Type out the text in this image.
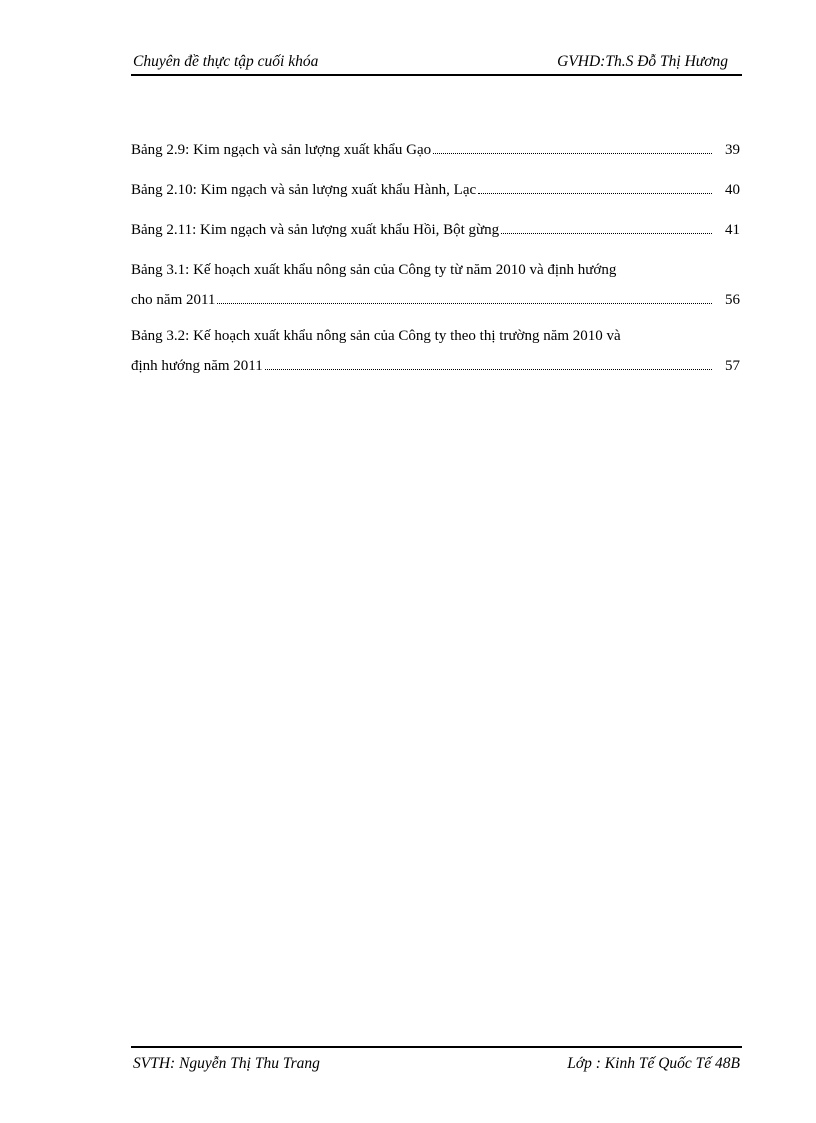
Chuyên đề thực tập cuối khóa	GVHD:Th.S Đỗ Thị Hương
Bảng 2.9: Kim ngạch và sản lượng xuất khẩu Gạo	39
Bảng 2.10: Kim ngạch và sản lượng xuất khẩu Hành, Lạc	40
Bảng 2.11: Kim ngạch và sản lượng xuất khẩu Hồi, Bột gừng	41
Bảng 3.1: Kế hoạch xuất khẩu nông sản của Công ty từ năm 2010 và định hướng
cho năm 2011	56
Bảng 3.2: Kế hoạch xuất khẩu nông sản của Công ty theo thị trường năm 2010 và
định hướng năm 2011	57
SVTH: Nguyễn Thị Thu Trang	Lớp : Kinh Tế Quốc Tế 48B
